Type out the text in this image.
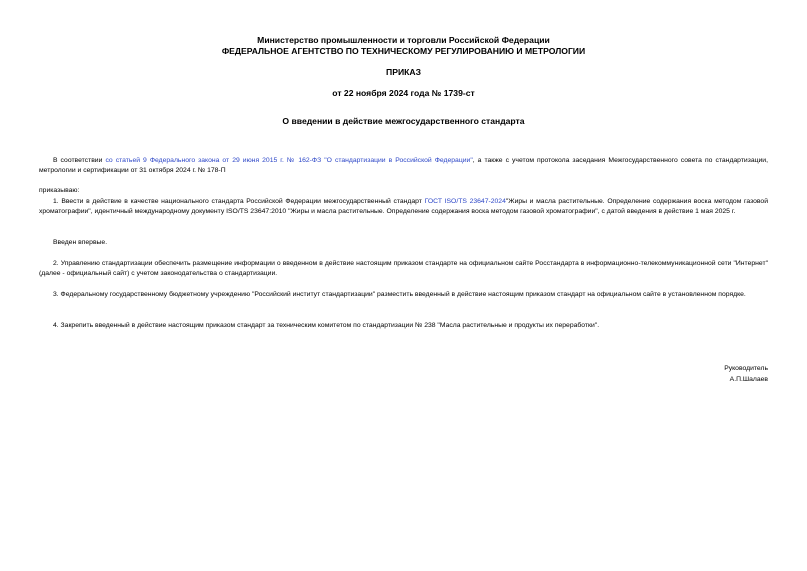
Министерство промышленности и торговли Российской Федерации
ФЕДЕРАЛЬНОЕ АГЕНТСТВО ПО ТЕХНИЧЕСКОМУ РЕГУЛИРОВАНИЮ И МЕТРОЛОГИИ
ПРИКАЗ
от 22 ноября 2024 года № 1739-ст
О введении в действие межгосударственного стандарта
В соответствии со статьей 9 Федерального закона от 29 июня 2015 г. № 162-ФЗ "О стандартизации в Российской Федерации", а также с учетом протокола заседания Межгосударственного совета по стандартизации, метрологии и сертификации от 31 октября 2024 г. № 178-П
приказываю:
1. Ввести в действие в качестве национального стандарта Российской Федерации межгосударственный стандарт ГОСТ ISO/TS 23647-2024"Жиры и масла растительные. Определение содержания воска методом газовой хроматографии", идентичный международному документу ISO/TS 23647:2010 "Жиры и масла растительные. Определение содержания воска методом газовой хроматографии", с датой введения в действие 1 мая 2025 г.
Введен впервые.
2. Управлению стандартизации обеспечить размещение информации о введенном в действие настоящим приказом стандарте на официальном сайте Росстандарта в информационно-телекоммуникационной сети "Интернет" (далее - официальный сайт) с учетом законодательства о стандартизации.
3. Федеральному государственному бюджетному учреждению "Российский институт стандартизации" разместить введенный в действие настоящим приказом стандарт на официальном сайте в установленном порядке.
4. Закрепить введенный в действие настоящим приказом стандарт за техническим комитетом по стандартизации № 238 "Масла растительные и продукты их переработки".
Руководитель
А.П.Шалаев
